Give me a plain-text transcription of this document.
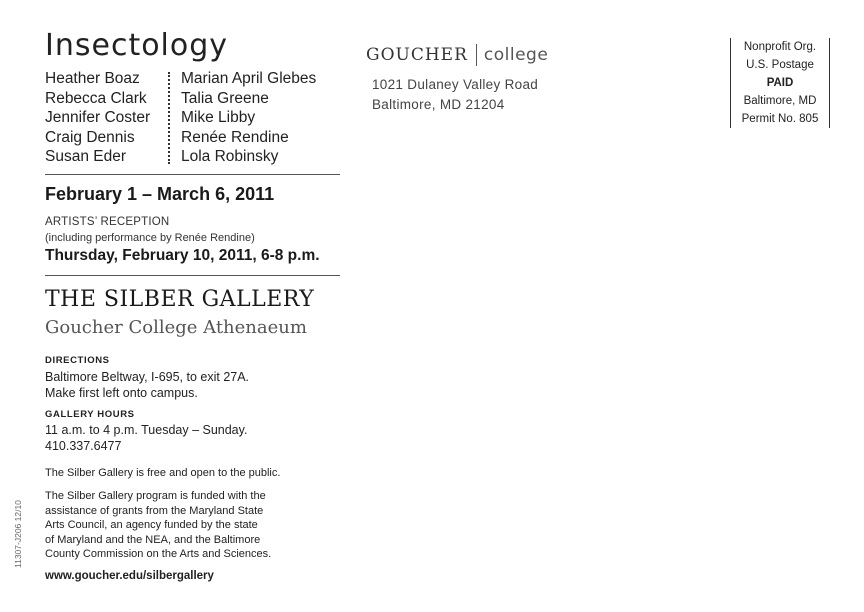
Insectology
Heather Boaz
Rebecca Clark
Jennifer Coster
Craig Dennis
Susan Eder
Marian April Glebes
Talia Greene
Mike Libby
Renée Rendine
Lola Robinsky
February 1 – March 6, 2011
ARTISTS’ RECEPTION
(including performance by Renée Rendine)
Thursday, February 10, 2011, 6-8 p.m.
THE SILBER GALLERY
Goucher College Athenaeum
DIRECTIONS
Baltimore Beltway, I-695, to exit 27A.
Make first left onto campus.
GALLERY HOURS
11 a.m. to 4 p.m. Tuesday – Sunday.
410.337.6477
The Silber Gallery is free and open to the public.
The Silber Gallery program is funded with the
assistance of grants from the Maryland State
Arts Council, an agency funded by the state
of Maryland and the NEA, and the Baltimore
County Commission on the Arts and Sciences.
www.goucher.edu/silbergallery
11307-J206 12/10
GOUCHER college
1021 Dulaney Valley Road
Baltimore, MD 21204
Nonprofit Org.
U.S. Postage
PAID
Baltimore, MD
Permit No. 805
